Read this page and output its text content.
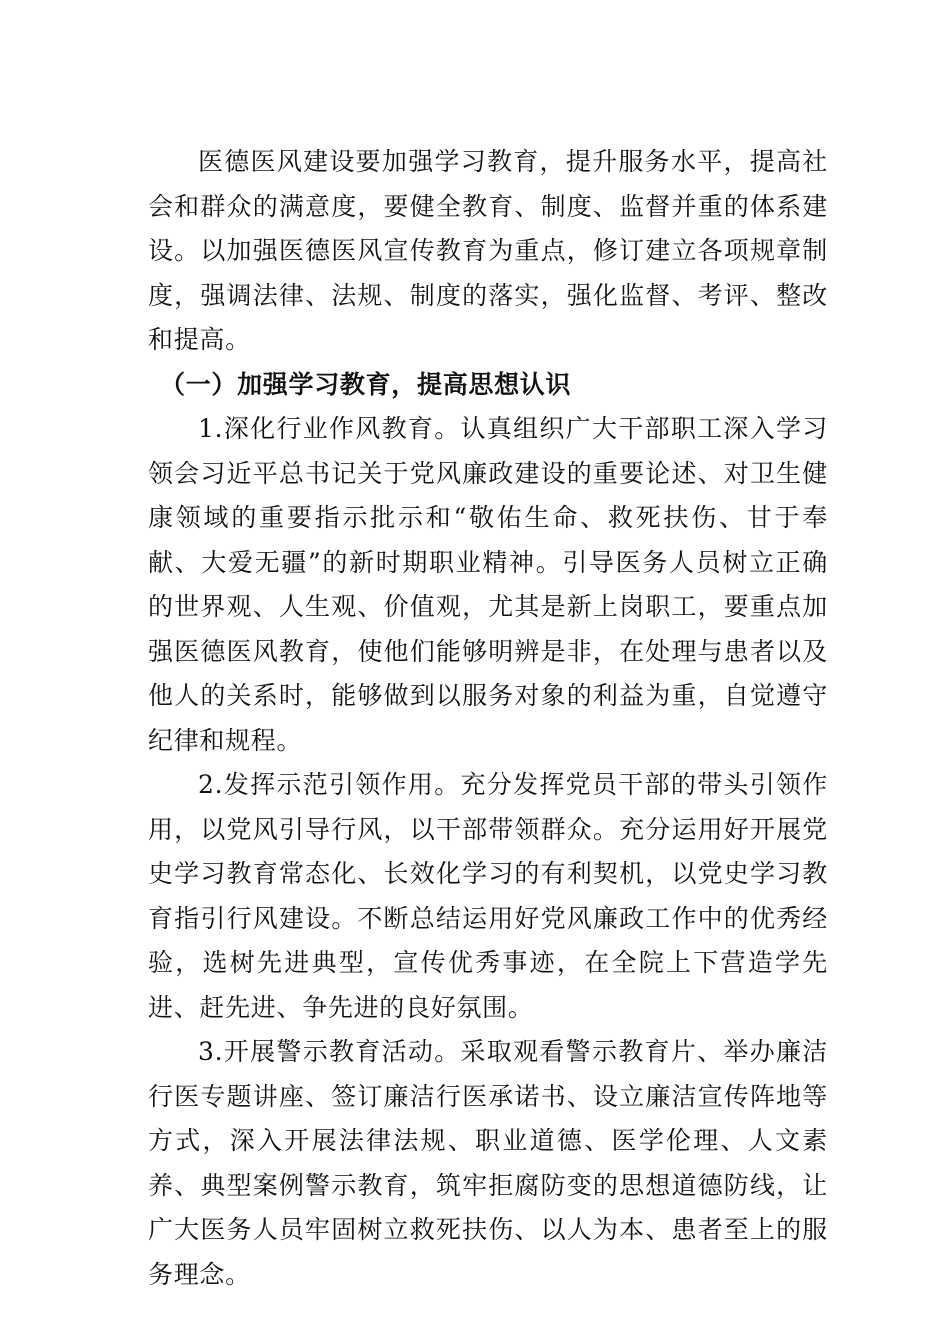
医德医风建设要加强学习教育，提升服务水平，提高社会和群众的满意度，要健全教育、制度、监督并重的体系建设。以加强医德医风宣传教育为重点，修订建立各项规章制度，强调法律、法规、制度的落实，强化监督、考评、整改和提高。

（一）加强学习教育，提高思想认识

1.深化行业作风教育。认真组织广大干部职工深入学习领会习近平总书记关于党风廉政建设的重要论述、对卫生健康领域的重要指示批示和“敬佑生命、救死扶伤、甘于奉献、大爱无疆”的新时期职业精神。引导医务人员树立正确的世界观、人生观、价值观，尤其是新上岗职工，要重点加强医德医风教育，使他们能够明辨是非，在处理与患者以及他人的关系时，能够做到以服务对象的利益为重，自觉遵守纪律和规程。

2.发挥示范引领作用。充分发挥党员干部的带头引领作用，以党风引导行风，以干部带领群众。充分运用好开展党史学习教育常态化、长效化学习的有利契机，以党史学习教育指引行风建设。不断总结运用好党风廉政工作中的优秀经验，选树先进典型，宣传优秀事迹，在全院上下营造学先进、赶先进、争先进的良好氛围。

3.开展警示教育活动。采取观看警示教育片、举办廉洁行医专题讲座、签订廉洁行医承诺书、设立廉洁宣传阵地等方式，深入开展法律法规、职业道德、医学伦理、人文素养、典型案例警示教育，筑牢拒腐防变的思想道德防线，让广大医务人员牢固树立救死扶伤、以人为本、患者至上的服务理念。
